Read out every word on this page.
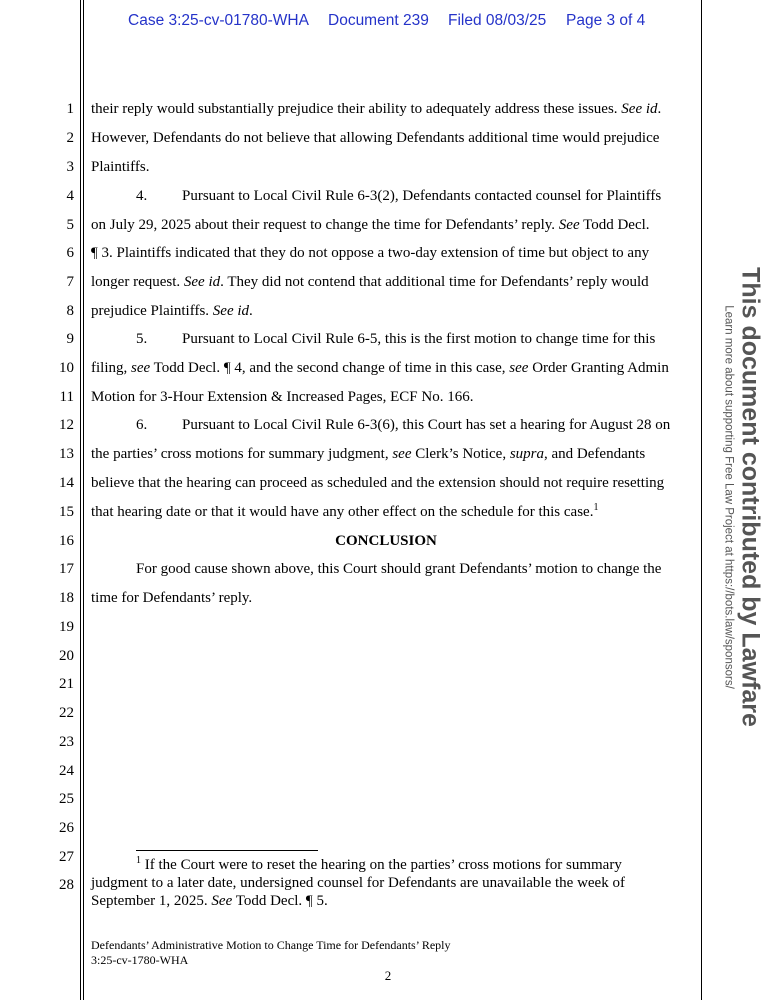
Case 3:25-cv-01780-WHA Document 239 Filed 08/03/25 Page 3 of 4
1
2
3
4
5
6
7
8
9
10
11
12
13
14
15
16
17
18
19
20
21
22
23
24
25
26
27
28
their reply would substantially prejudice their ability to adequately address these issues. See id.
However, Defendants do not believe that allowing Defendants additional time would prejudice
Plaintiffs.
4. Pursuant to Local Civil Rule 6-3(2), Defendants contacted counsel for Plaintiffs
on July 29, 2025 about their request to change the time for Defendants’ reply. See Todd Decl.
¶ 3. Plaintiffs indicated that they do not oppose a two-day extension of time but object to any
longer request. See id. They did not contend that additional time for Defendants’ reply would
prejudice Plaintiffs. See id.
5. Pursuant to Local Civil Rule 6-5, this is the first motion to change time for this
filing, see Todd Decl. ¶ 4, and the second change of time in this case, see Order Granting Admin
Motion for 3-Hour Extension & Increased Pages, ECF No. 166.
6. Pursuant to Local Civil Rule 6-3(6), this Court has set a hearing for August 28 on
the parties’ cross motions for summary judgment, see Clerk’s Notice, supra, and Defendants
believe that the hearing can proceed as scheduled and the extension should not require resetting
that hearing date or that it would have any other effect on the schedule for this case.$^1$
CONCLUSION
For good cause shown above, this Court should grant Defendants’ motion to change the
time for Defendants’ reply.
$^1$ If the Court were to reset the hearing on the parties’ cross motions for summary
judgment to a later date, undersigned counsel for Defendants are unavailable the week of
September 1, 2025. See Todd Decl. ¶ 5.
Defendants’ Administrative Motion to Change Time for Defendants’ Reply
3:25-cv-1780-WHA
2
This document contributed by Lawfare
Learn more about supporting Free Law Project at https://bots.law/sponsors/
